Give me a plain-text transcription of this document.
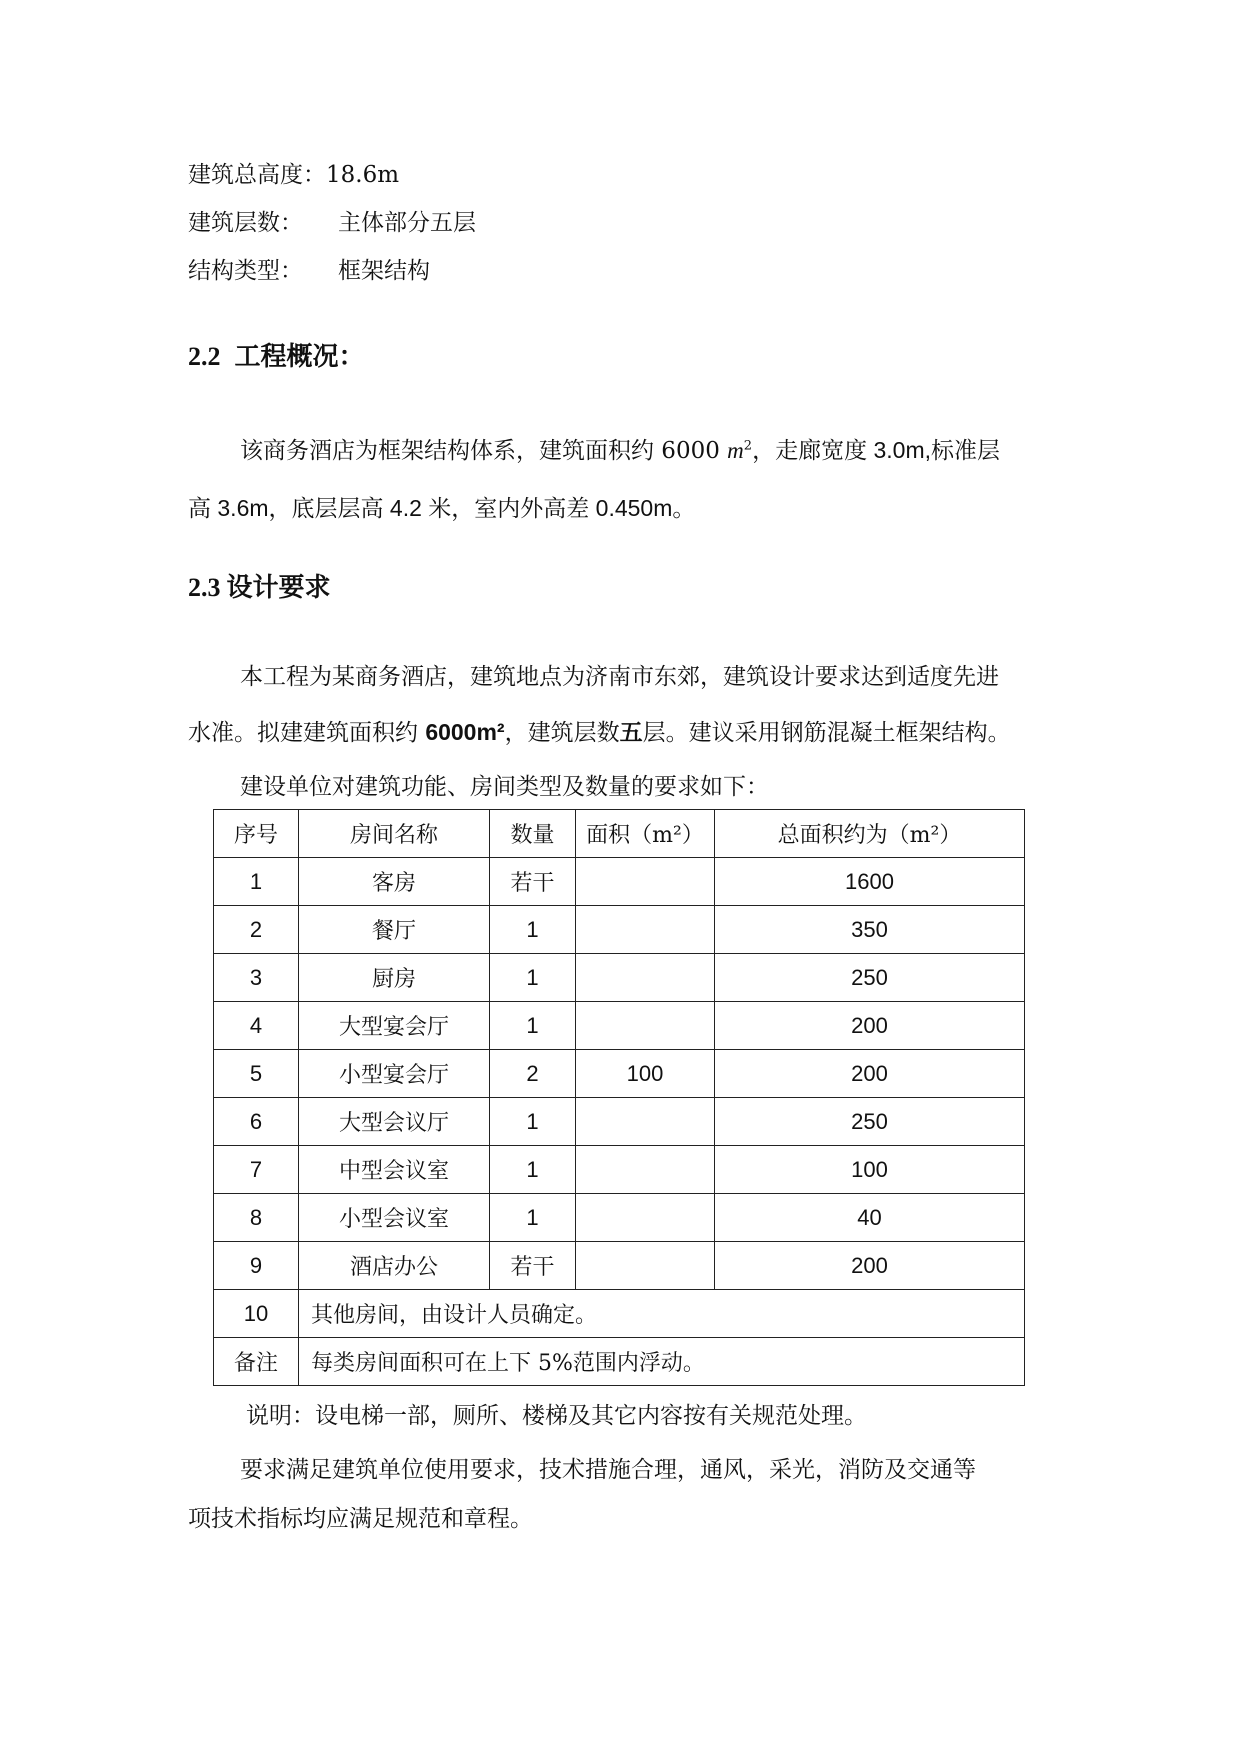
建筑总高度：18.6m
建筑层数： 主体部分五层
结构类型： 框架结构
2.2 工程概况：
该商务酒店为框架结构体系，建筑面积约 6000 $m^2$，走廊宽度 3.0m,标准层
高 3.6m，底层层高 4.2 米，室内外高差 0.450m。
2.3 设计要求
本工程为某商务酒店，建筑地点为济南市东郊，建筑设计要求达到适度先进
水准。拟建建筑面积约 6000m²，建筑层数五层。建议采用钢筋混凝土框架结构。
建设单位对建筑功能、房间类型及数量的要求如下：
序号	房间名称	数量	面积（m²）	总面积约为（m²）
1	客房	若干		1600
2	餐厅	1		350
3	厨房	1		250
4	大型宴会厅	1		200
5	小型宴会厅	2	100	200
6	大型会议厅	1		250
7	中型会议室	1		100
8	小型会议室	1		40
9	酒店办公	若干		200
10	其他房间，由设计人员确定。			
备注	每类房间面积可在上下 5%范围内浮动。			
说明：设电梯一部，厕所、楼梯及其它内容按有关规范处理。
要求满足建筑单位使用要求，技术措施合理，通风，采光，消防及交通等
项技术指标均应满足规范和章程。
